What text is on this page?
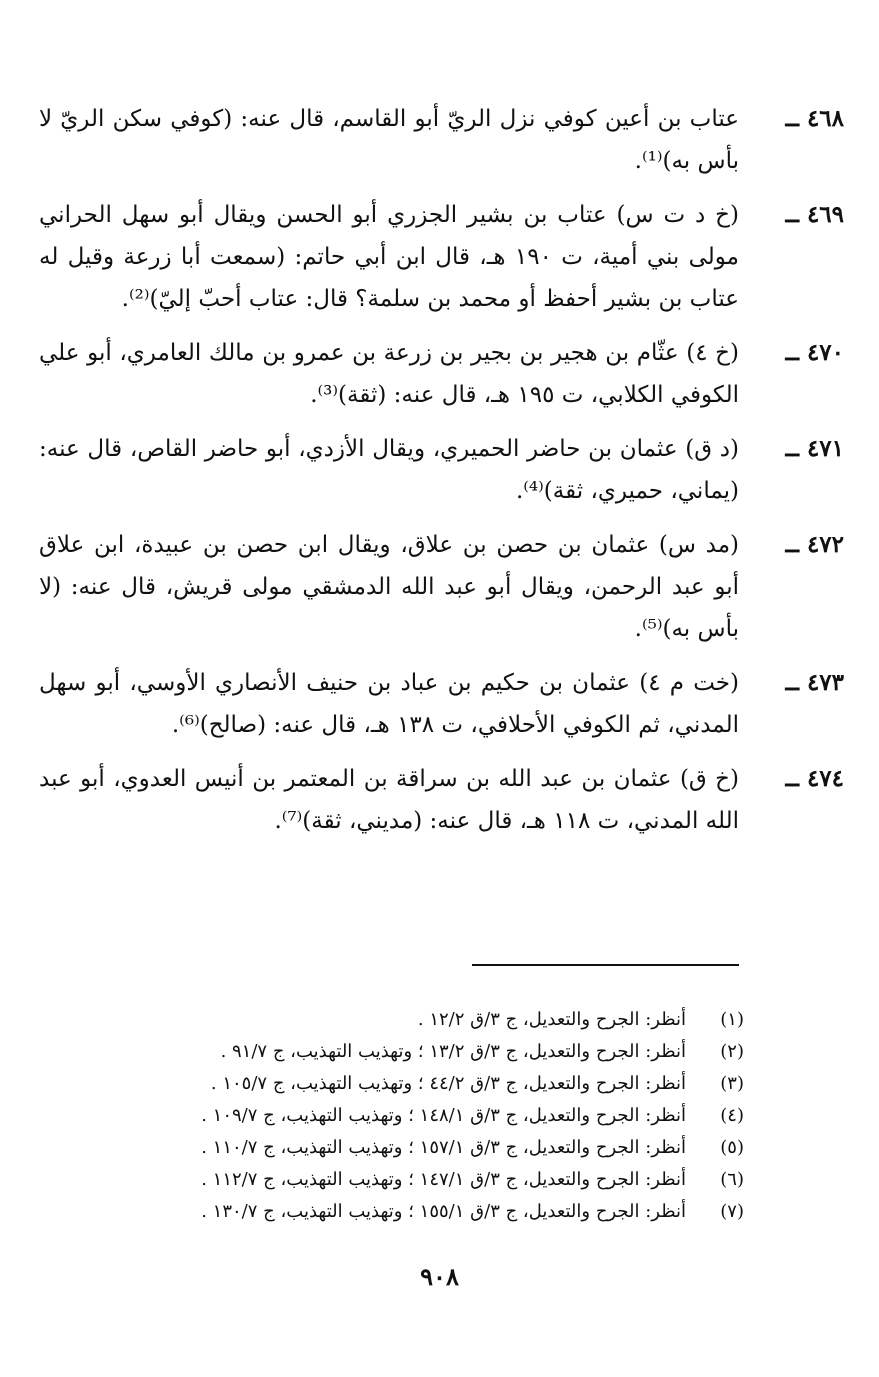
٤٦٨ ــ
عتاب بن أعين كوفي نزل الريّ أبو القاسم، قال عنه: (كوفي سكن الريّ لا بأس به)⁽¹⁾.
٤٦٩ ــ
(خ د ت س) عتاب بن بشير الجزري أبو الحسن ويقال أبو سهل الحراني مولى بني أمية، ت ١٩٠ هـ، قال ابن أبي حاتم: (سمعت أبا زرعة وقيل له عتاب بن بشير أحفظ أو محمد بن سلمة؟ قال: عتاب أحبّ إليّ)⁽²⁾.
٤٧٠ ــ
(خ ٤) عثّام بن هجير بن بجير بن زرعة بن عمرو بن مالك العامري، أبو علي الكوفي الكلابي، ت ١٩٥ هـ، قال عنه: (ثقة)⁽³⁾.
٤٧١ ــ
(د ق) عثمان بن حاضر الحميري، ويقال الأزدي، أبو حاضر القاص، قال عنه: (يماني، حميري، ثقة)⁽⁴⁾.
٤٧٢ ــ
(مد س) عثمان بن حصن بن علاق، ويقال ابن حصن بن عبيدة، ابن علاق أبو عبد الرحمن، ويقال أبو عبد الله الدمشقي مولى قريش، قال عنه: (لا بأس به)⁽⁵⁾.
٤٧٣ ــ
(خت م ٤) عثمان بن حكيم بن عباد بن حنيف الأنصاري الأوسي، أبو سهل المدني، ثم الكوفي الأحلافي، ت ١٣٨ هـ، قال عنه: (صالح)⁽⁶⁾.
٤٧٤ ــ
(خ ق) عثمان بن عبد الله بن سراقة بن المعتمر بن أنيس العدوي، أبو عبد الله المدني، ت ١١٨ هـ، قال عنه: (مديني، ثقة)⁽⁷⁾.
(١)
أنظر: الجرح والتعديل، ج ٣/ق ١٢/٢ .
(٢)
أنظر: الجرح والتعديل، ج ٣/ق ١٣/٢ ؛ وتهذيب التهذيب، ج ٩١/٧ .
(٣)
أنظر: الجرح والتعديل، ج ٣/ق ٤٤/٢ ؛ وتهذيب التهذيب، ج ١٠٥/٧ .
(٤)
أنظر: الجرح والتعديل، ج ٣/ق ١٤٨/١ ؛ وتهذيب التهذيب، ج ١٠٩/٧ .
(٥)
أنظر: الجرح والتعديل، ج ٣/ق ١٥٧/١ ؛ وتهذيب التهذيب، ج ١١٠/٧ .
(٦)
أنظر: الجرح والتعديل، ج ٣/ق ١٤٧/١ ؛ وتهذيب التهذيب، ج ١١٢/٧ .
(٧)
أنظر: الجرح والتعديل، ج ٣/ق ١٥٥/١ ؛ وتهذيب التهذيب، ج ١٣٠/٧ .
٩٠٨
